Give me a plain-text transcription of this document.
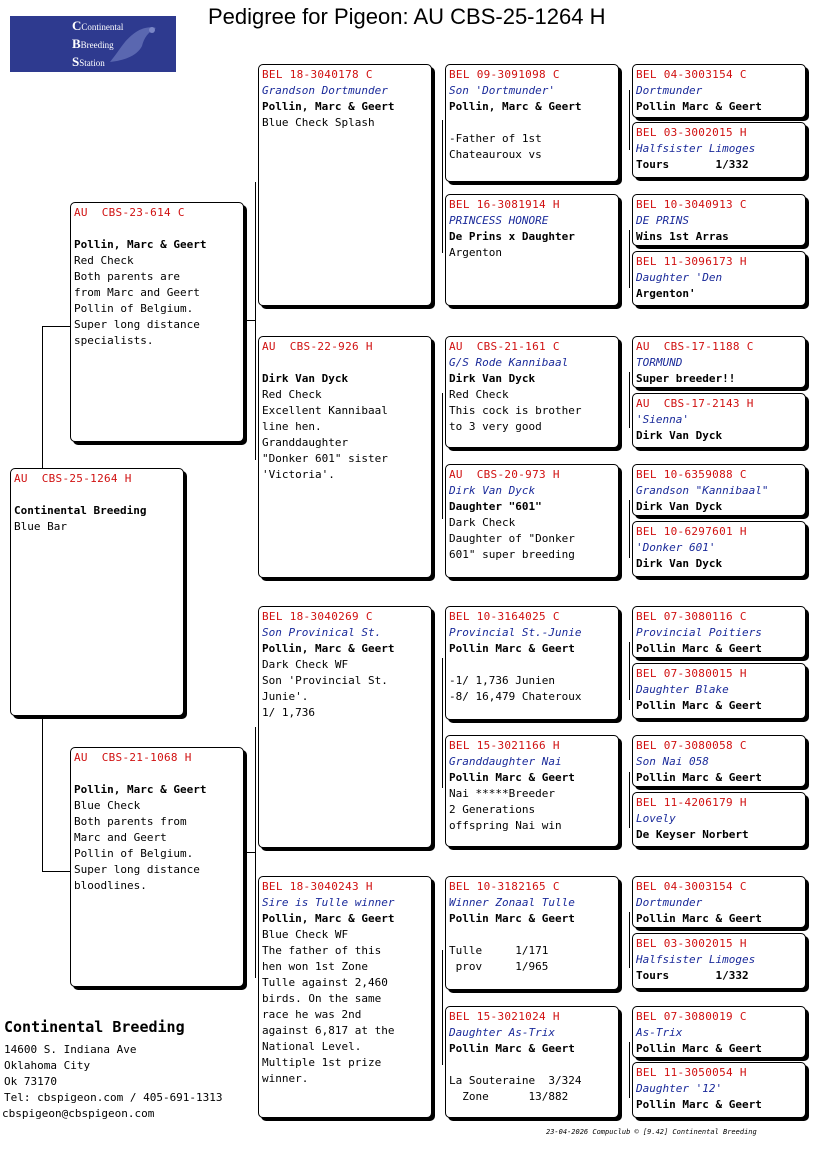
Pedigree for Pigeon: AU CBS-25-1264 H
CContinental
BBreeding
SStation
AU  CBS-25-1264 H
Continental Breeding
Blue Bar
AU  CBS-23-614 C
Pollin, Marc & Geert
Red Check
Both parents are
from Marc and Geert
Pollin of Belgium.
Super long distance
specialists.
AU  CBS-21-1068 H
Pollin, Marc & Geert
Blue Check
Both parents from
Marc and Geert
Pollin of Belgium.
Super long distance
bloodlines.
BEL 18-3040178 C
Grandson Dortmunder
Pollin, Marc & Geert
Blue Check Splash
AU  CBS-22-926 H
Dirk Van Dyck
Red Check
Excellent Kannibaal
line hen.
Granddaughter
"Donker 601" sister
'Victoria'.
BEL 18-3040269 C
Son Provinical St.
Pollin, Marc & Geert
Dark Check WF
Son 'Provincial St.
Junie'.
1/ 1,736
BEL 18-3040243 H
Sire is Tulle winner
Pollin, Marc & Geert
Blue Check WF
The father of this
hen won 1st Zone
Tulle against 2,460
birds. On the same
race he was 2nd
against 6,817 at the
National Level.
Multiple 1st prize
winner.
BEL 09-3091098 C
Son 'Dortmunder'
Pollin, Marc & Geert
-Father of 1st
Chateauroux vs
BEL 16-3081914 H
PRINCESS HONORE
De Prins x Daughter
Argenton
AU  CBS-21-161 C
G/S Rode Kannibaal
Dirk Van Dyck
Red Check
This cock is brother
to 3 very good
AU  CBS-20-973 H
Dirk Van Dyck
Daughter "601"
Dark Check
Daughter of "Donker
601" super breeding
BEL 10-3164025 C
Provincial St.-Junie
Pollin Marc & Geert
-1/ 1,736 Junien
-8/ 16,479 Chateroux
BEL 15-3021166 H
Granddaughter Nai
Pollin Marc & Geert
Nai *****Breeder
2 Generations
offspring Nai win
BEL 10-3182165 C
Winner Zonaal Tulle
Pollin Marc & Geert
Tulle     1/171
prov     1/965
BEL 15-3021024 H
Daughter As-Trix
Pollin Marc & Geert
La Souteraine  3/324
Zone      13/882
BEL 04-3003154 C
Dortmunder
Pollin Marc & Geert
BEL 03-3002015 H
Halfsister Limoges
Tours       1/332
BEL 10-3040913 C
DE PRINS
Wins 1st Arras
BEL 11-3096173 H
Daughter 'Den
Argenton'
AU  CBS-17-1188 C
TORMUND
Super breeder!!
AU  CBS-17-2143 H
'Sienna'
Dirk Van Dyck
BEL 10-6359088 C
Grandson "Kannibaal"
Dirk Van Dyck
BEL 10-6297601 H
'Donker 601'
Dirk Van Dyck
BEL 07-3080116 C
Provincial Poitiers
Pollin Marc & Geert
BEL 07-3080015 H
Daughter Blake
Pollin Marc & Geert
BEL 07-3080058 C
Son Nai 058
Pollin Marc & Geert
BEL 11-4206179 H
Lovely
De Keyser Norbert
BEL 04-3003154 C
Dortmunder
Pollin Marc & Geert
BEL 03-3002015 H
Halfsister Limoges
Tours       1/332
BEL 07-3080019 C
As-Trix
Pollin Marc & Geert
BEL 11-3050054 H
Daughter '12'
Pollin Marc & Geert
Continental Breeding
14600 S. Indiana Ave
Oklahoma City
Ok 73170
Tel: cbspigeon.com / 405-691-1313
cbspigeon@cbspigeon.com
23-04-2026 Compuclub © [9.42] Continental Breeding
